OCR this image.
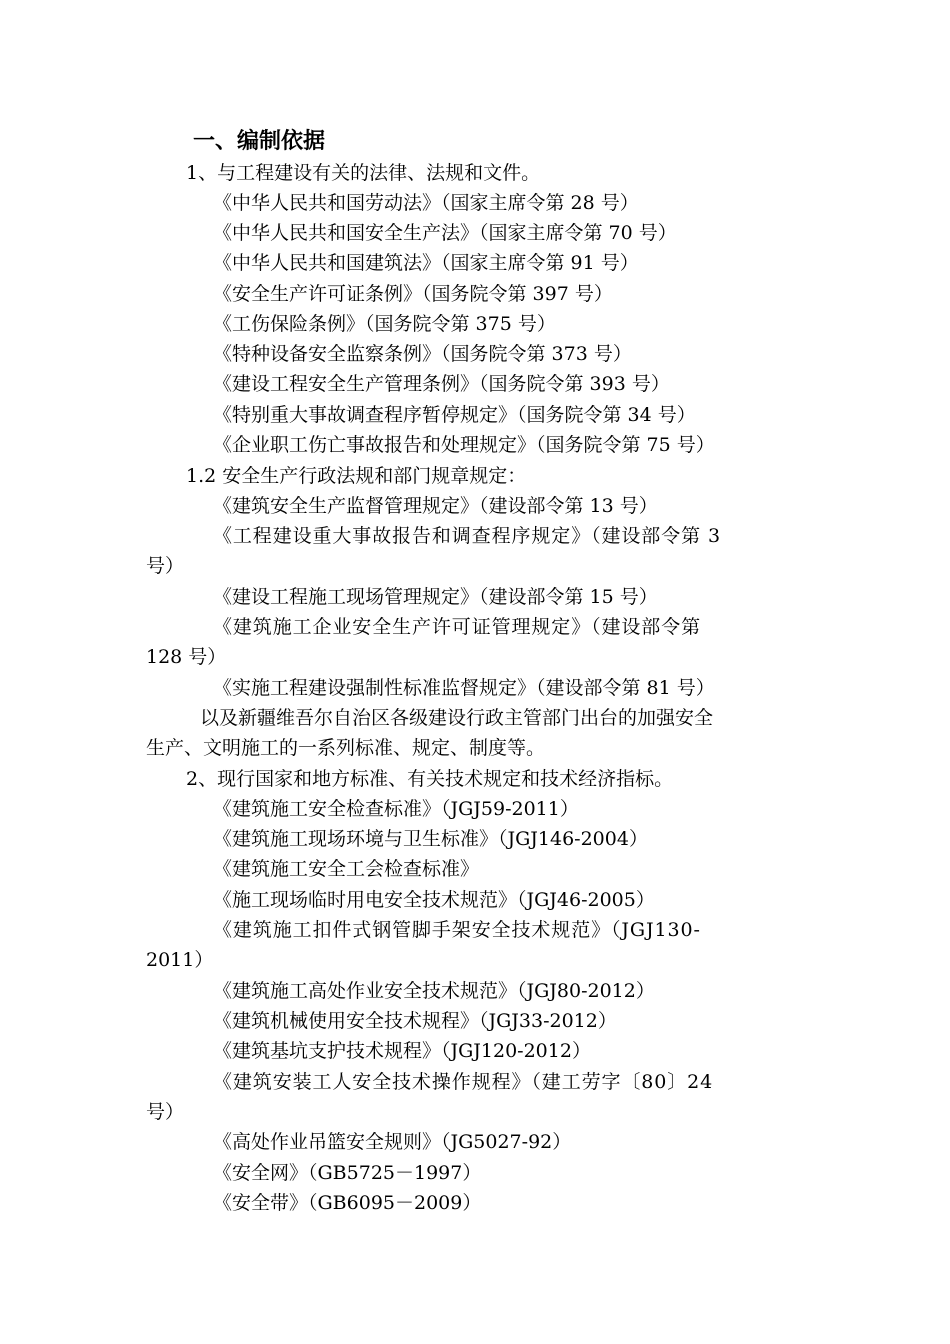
一、编制依据
1、与工程建设有关的法律、法规和文件。
《中华人民共和国劳动法》（国家主席令第 28 号）
《中华人民共和国安全生产法》（国家主席令第 70 号）
《中华人民共和国建筑法》（国家主席令第 91 号）
《安全生产许可证条例》（国务院令第 397 号）
《工伤保险条例》（国务院令第 375 号）
《特种设备安全监察条例》（国务院令第 373 号）
《建设工程安全生产管理条例》（国务院令第 393 号）
《特别重大事故调查程序暂停规定》（国务院令第 34 号）
《企业职工伤亡事故报告和处理规定》（国务院令第 75 号）
1.2 安全生产行政法规和部门规章规定：
《建筑安全生产监督管理规定》（建设部令第 13 号）
《工程建设重大事故报告和调查程序规定》（建设部令第 3
号）
《建设工程施工现场管理规定》（建设部令第 15 号）
《建筑施工企业安全生产许可证管理规定》（建设部令第
128 号）
《实施工程建设强制性标准监督规定》（建设部令第 81 号）
以及新疆维吾尔自治区各级建设行政主管部门出台的加强安全
生产、文明施工的一系列标准、规定、制度等。
2、现行国家和地方标准、有关技术规定和技术经济指标。
《建筑施工安全检查标准》（JGJ59-2011）
《建筑施工现场环境与卫生标准》（JGJ146-2004）
《建筑施工安全工会检查标准》
《施工现场临时用电安全技术规范》（JGJ46-2005）
《建筑施工扣件式钢管脚手架安全技术规范》（JGJ130-
2011）
《建筑施工高处作业安全技术规范》（JGJ80-2012）
《建筑机械使用安全技术规程》（JGJ33-2012）
《建筑基坑支护技术规程》（JGJ120-2012）
《建筑安装工人安全技术操作规程》（建工劳字〔80〕24
号）
《高处作业吊篮安全规则》（JG5027-92）
《安全网》（GB5725－1997）
《安全带》（GB6095－2009）
